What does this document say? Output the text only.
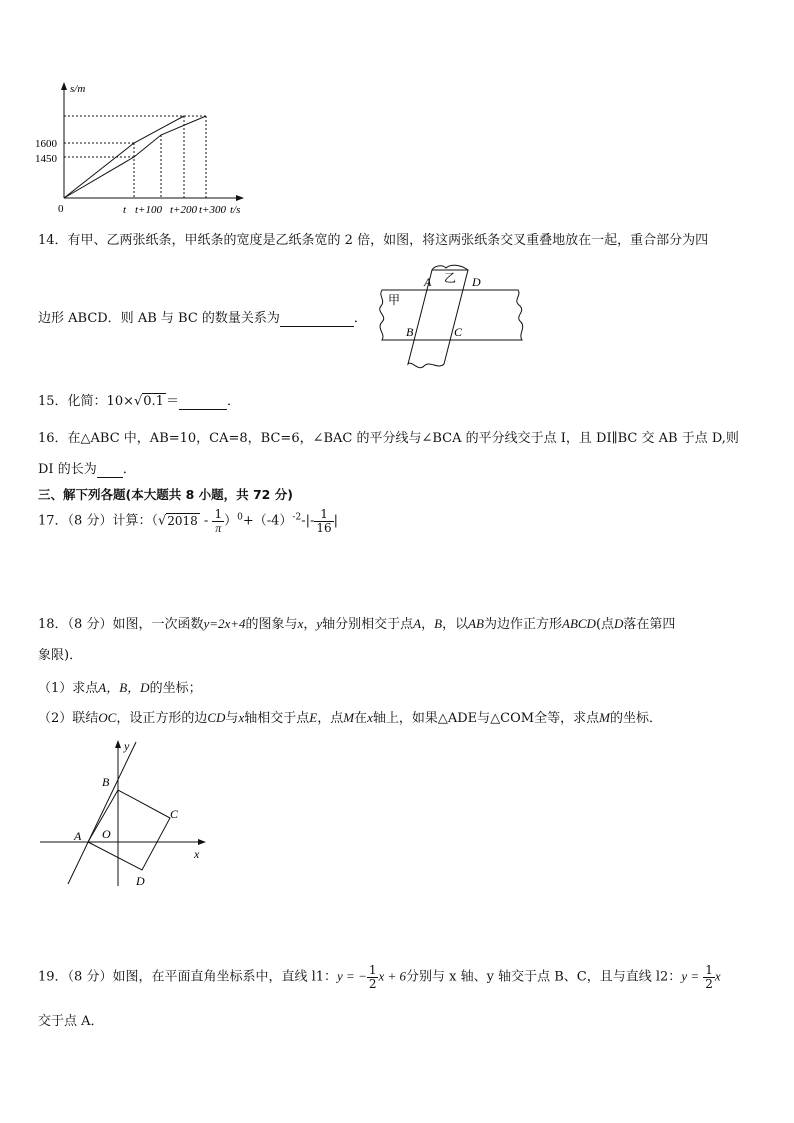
s/m
t/s
0
1600
1450
t t+100 t+200 t+300
14．有甲、乙两张纸条，甲纸条的宽度是乙纸条宽的 2 倍，如图，将这两张纸条交叉重叠地放在一起，重合部分为四
边形 ABCD．则 AB 与 BC 的数量关系为	．
甲
乙
A	D
B	C
15．化简：10×√0.1 ＝	．
16．在△ABC 中，AB=10，CA=8，BC=6，∠BAC 的平分线与∠BCA 的平分线交于点 I，且 DI∥BC 交 AB 于点 D,则
DI 的长为 ．
三、解下列各题(本大题共 8 小题，共 72 分)
17．（8 分）计算：$(√2018 - \frac{1}{\pi} )^0+(-4)^{-2}-|- \frac{1}{16}$ |
18．（8 分）如图，一次函数y=2x+4的图象与x，y轴分别相交于点A，B，以AB为边作正方形ABCD(点D落在第四
象限)．
（1）求点A，B，D的坐标；
（2）联结OC，设正方形的边CD与x轴相交于点E，点M在x轴上，如果△ADE与△COM全等，求点M的坐标．
y
x
B
A O
C
D
19．（8 分）如图，在平面直角坐标系中，直线 l1：y = − $\frac{1}{2}$ x + 6分别与 x 轴、y 轴交于点 B、C，且与直线 l2：$y = \frac{1}{2}$ x
交于点 A．
